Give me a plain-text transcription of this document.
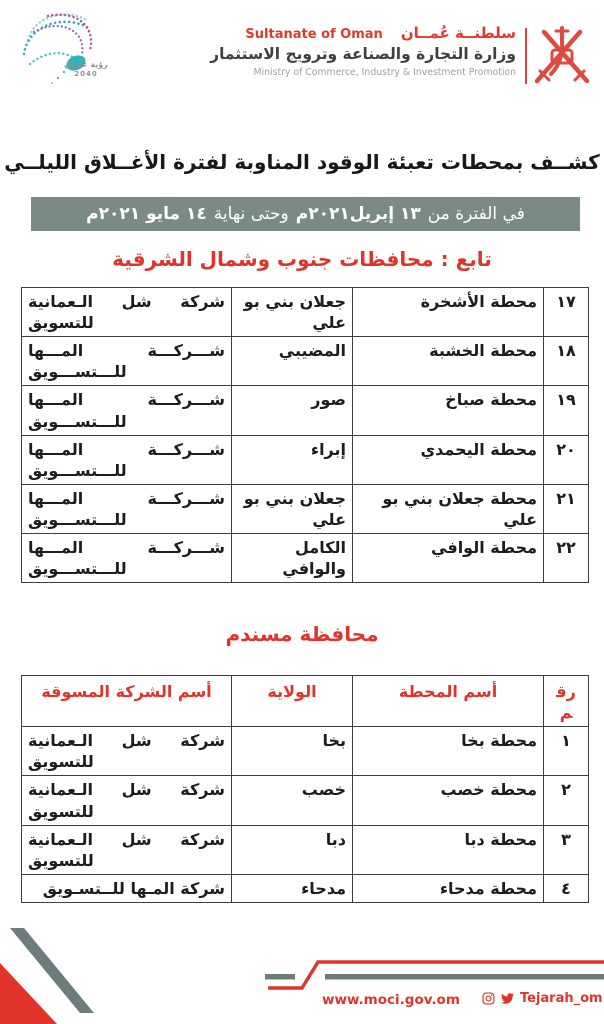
رؤية عُمـان
2040
سلطنــة عُمــان
Sultanate of Oman
وزارة التجارة والصناعة وترويج الاستثمار
Ministry of Commerce, Industry & Investment Promotion
كشــف بمحطات تعبئة الوقود المناوبة لفترة الأغــلاق الليلــي
في الفترة من
١٣ إبريل٢٠٢١م
وحتى نهاية
١٤ مايو ٢٠٢١م
تابع : محافظات جنوب وشمال الشرقية
١٧	محطة الأشخرة	جعلان بني بو علي	شركة شل الـعمانية للتسويق
١٨	محطة الخشبة	المضيبي	شـــركـــة المـــها للـــتســـويق
١٩	محطة صباخ	صور	شـــركـــة المـــها للـــتســـويق
٢٠	محطة اليحمدي	إبراء	شـــركـــة المـــها للـــتســـويق
٢١	محطة جعلان بني بو علي	جعلان بني بو علي	شـــركـــة المـــها للـــتســـويق
٢٢	محطة الوافي	الكامل والوافي	شـــركـــة المـــها للـــتســـويق
محافظة مسندم
رقم	أسم المحطة	الولاية	أسم الشركة المسوقة
١	محطة بخا	بخا	شركة شل الـعمانية للتسويق
٢	محطة خصب	خصب	شركة شل الـعمانية للتسويق
٣	محطة دبا	دبا	شركة شل الـعمانية للتسويق
٤	محطة مدحاء	مدحاء	شركة المـها للــتسـويق
www.moci.gov.om	Tejarah_om
